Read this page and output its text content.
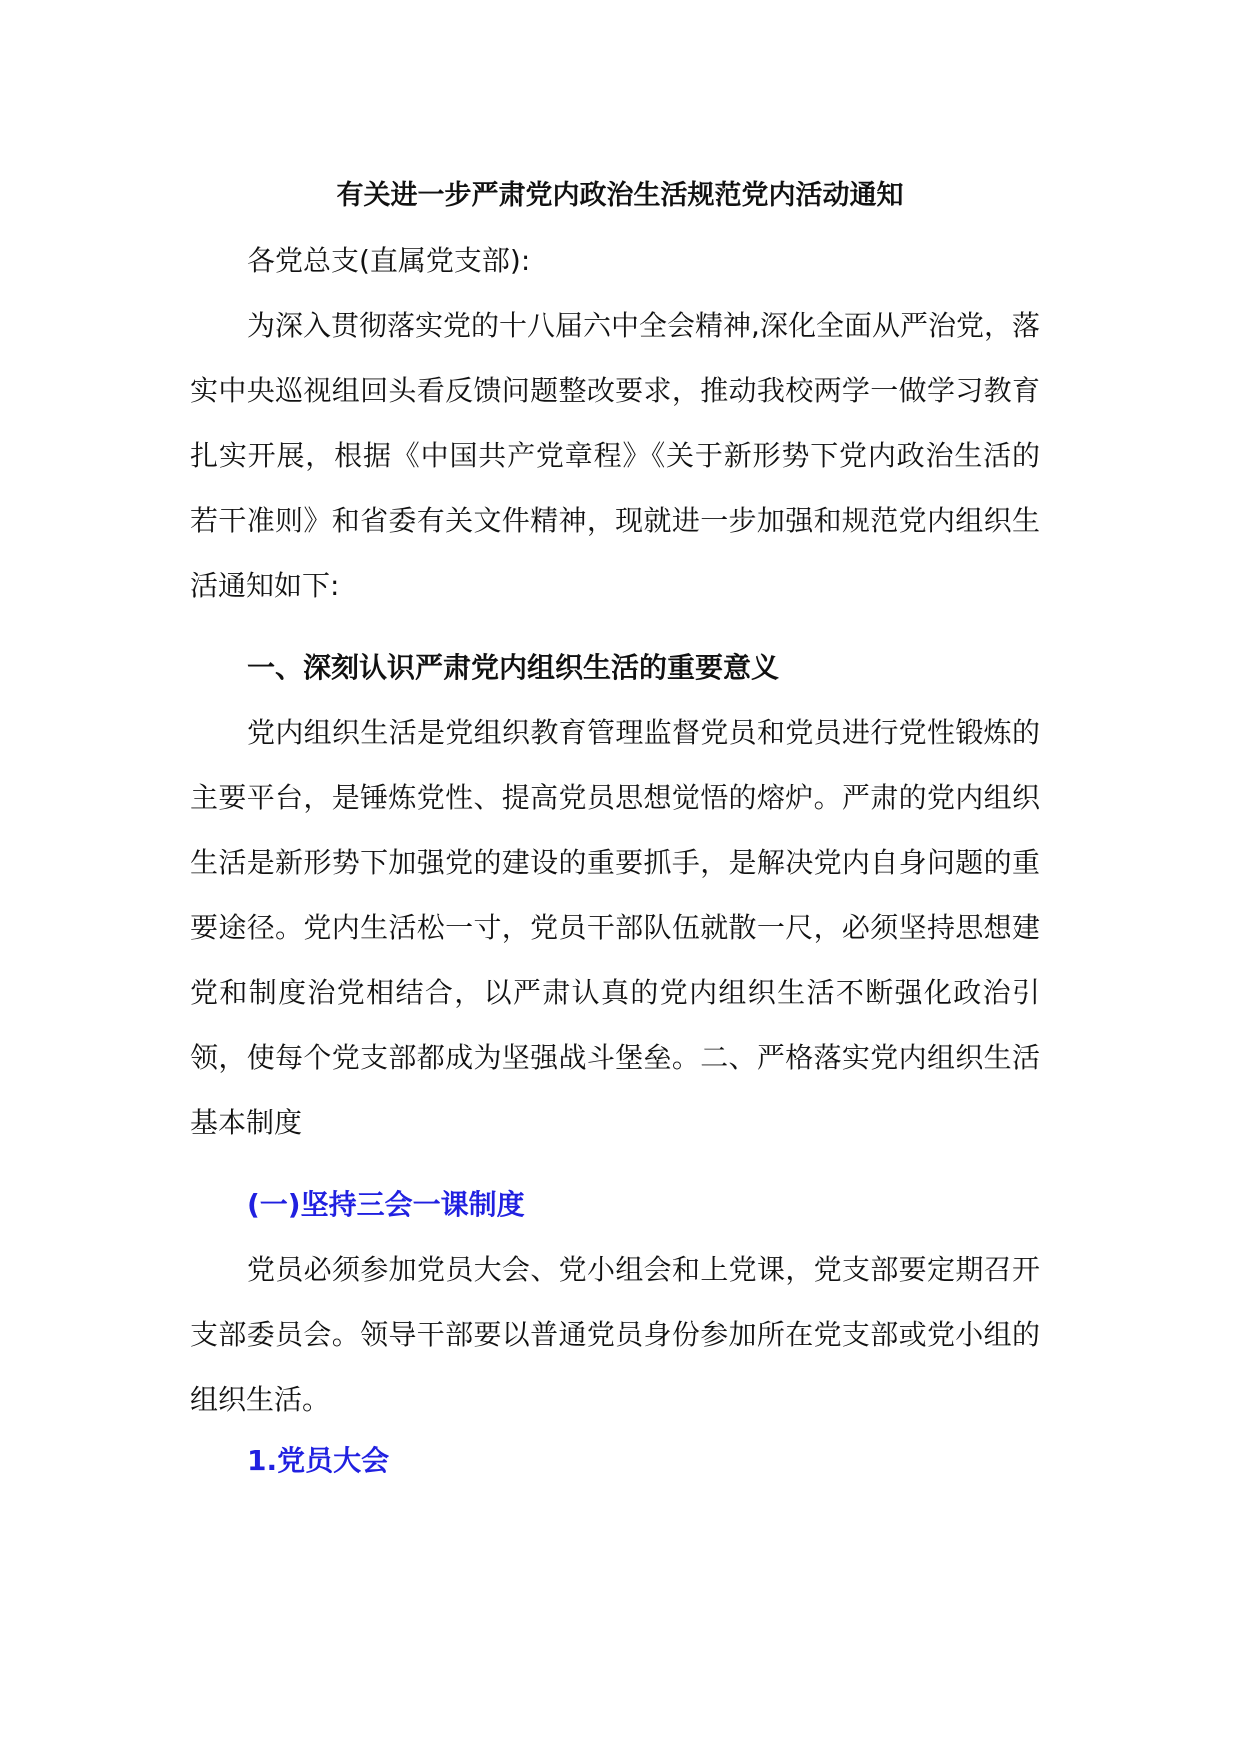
有关进一步严肃党内政治生活规范党内活动通知

各党总支(直属党支部):

为深入贯彻落实党的十八届六中全会精神,深化全面从严治党，落实中央巡视组回头看反馈问题整改要求，推动我校两学一做学习教育扎实开展，根据《中国共产党章程》《关于新形势下党内政治生活的若干准则》和省委有关文件精神，现就进一步加强和规范党内组织生活通知如下:

一、深刻认识严肃党内组织生活的重要意义

党内组织生活是党组织教育管理监督党员和党员进行党性锻炼的主要平台，是锤炼党性、提高党员思想觉悟的熔炉。严肃的党内组织生活是新形势下加强党的建设的重要抓手，是解决党内自身问题的重要途径。党内生活松一寸，党员干部队伍就散一尺，必须坚持思想建党和制度治党相结合，以严肃认真的党内组织生活不断强化政治引领，使每个党支部都成为坚强战斗堡垒。二、严格落实党内组织生活基本制度

(一)坚持三会一课制度

党员必须参加党员大会、党小组会和上党课，党支部要定期召开支部委员会。领导干部要以普通党员身份参加所在党支部或党小组的组织生活。

1.党员大会
